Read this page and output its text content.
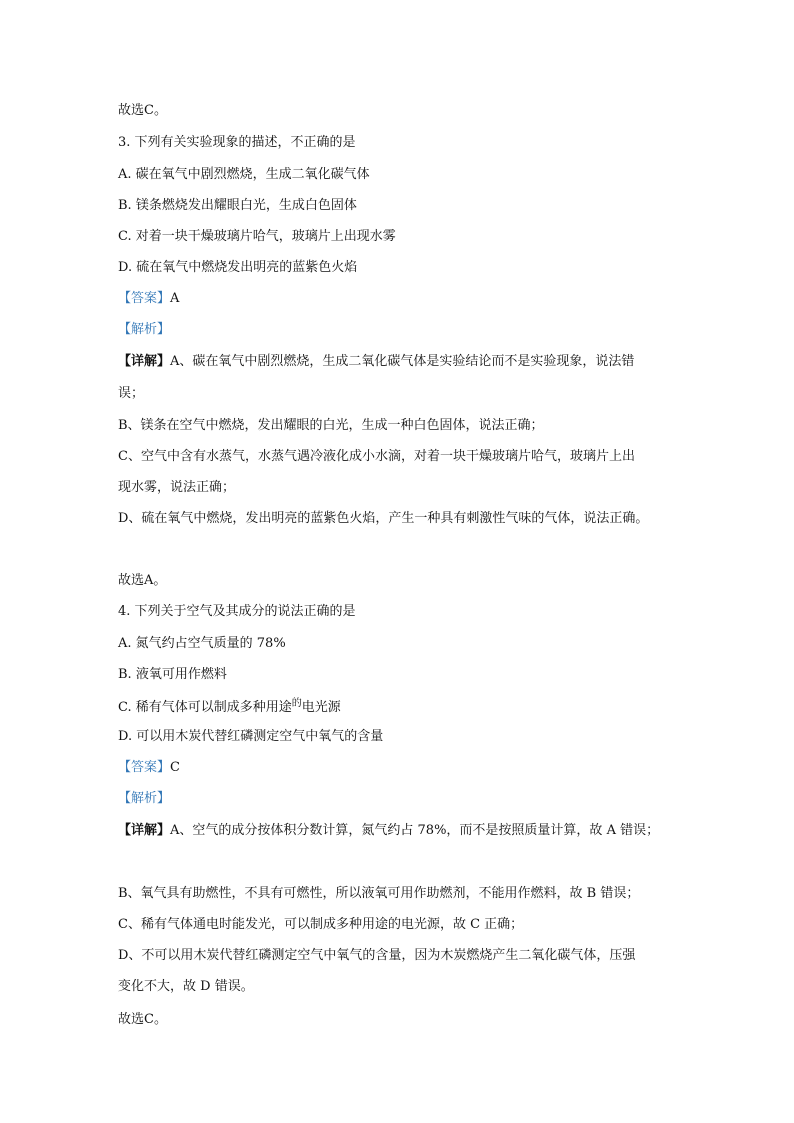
故选C。
3. 下列有关实验现象的描述，不正确的是
A. 碳在氧气中剧烈燃烧，生成二氧化碳气体
B. 镁条燃烧发出耀眼白光，生成白色固体
C. 对着一块干燥玻璃片哈气，玻璃片上出现水雾
D. 硫在氧气中燃烧发出明亮的蓝紫色火焰
【答案】A
【解析】
【详解】A、碳在氧气中剧烈燃烧，生成二氧化碳气体是实验结论而不是实验现象，说法错
误；
B、镁条在空气中燃烧，发出耀眼的白光，生成一种白色固体，说法正确；
C、空气中含有水蒸气，水蒸气遇冷液化成小水滴，对着一块干燥玻璃片哈气，玻璃片上出
现水雾，说法正确；
D、硫在氧气中燃烧，发出明亮的蓝紫色火焰，产生一种具有刺激性气味的气体，说法正确。
故选A。
4. 下列关于空气及其成分的说法正确的是
A. 氮气约占空气质量的 78%
B. 液氧可用作燃料
C. 稀有气体可以制成多种用途$^的$电光源
D. 可以用木炭代替红磷测定空气中氧气的含量
【答案】C
【解析】
【详解】A、空气的成分按体积分数计算，氮气约占 78%，而不是按照质量计算，故 A 错误；
B、氧气具有助燃性，不具有可燃性，所以液氧可用作助燃剂，不能用作燃料，故 B 错误；
C、稀有气体通电时能发光，可以制成多种用途的电光源，故 C 正确；
D、不可以用木炭代替红磷测定空气中氧气的含量，因为木炭燃烧产生二氧化碳气体，压强
变化不大，故 D 错误。
故选C。
